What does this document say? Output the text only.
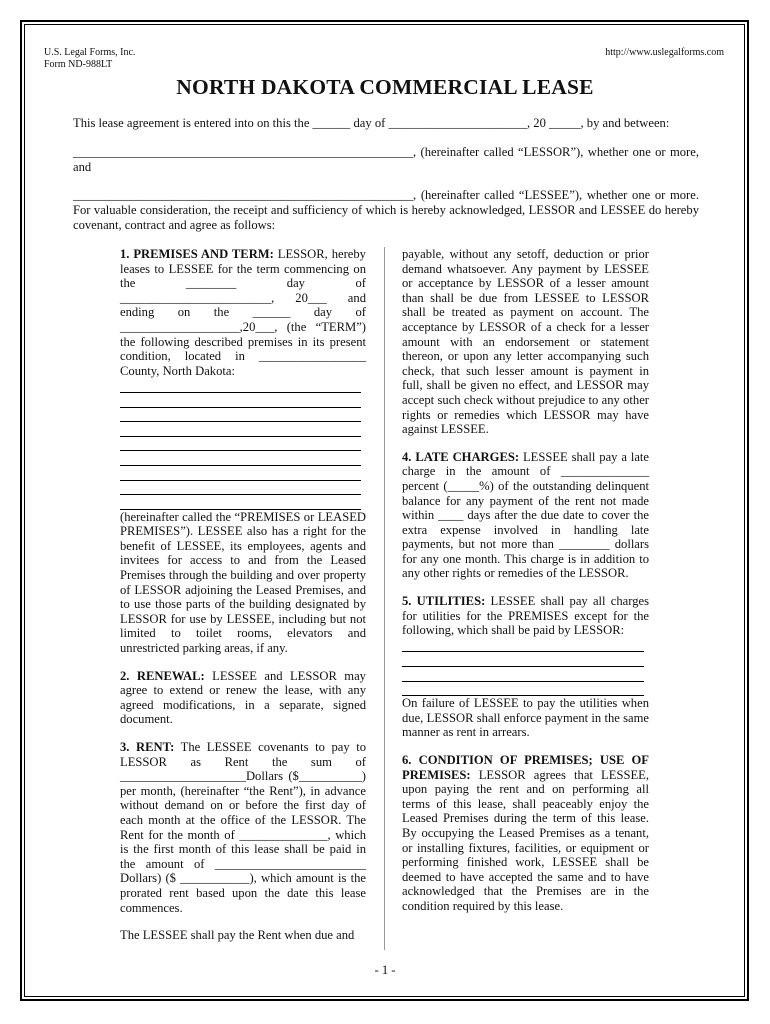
U.S. Legal Forms, Inc.
Form ND-988LT
http://www.uslegalforms.com
NORTH DAKOTA COMMERCIAL LEASE

This lease agreement is entered into on this the ______ day of ______________________, 20 _____, by and between:

______________________________________________________, (hereinafter called “LESSOR”), whether one or more, and

______________________________________________________, (hereinafter called “LESSEE”), whether one or more. For valuable consideration, the receipt and sufficiency of which is hereby acknowledged, LESSOR and LESSEE do hereby covenant, contract and agree as follows:

1. PREMISES AND TERM: LESSOR, hereby leases to LESSEE for the term commencing on the ________ day of ________________________, 20___ and ending on the ______ day of ___________________,20___, (the “TERM”) the following described premises in its present condition, located in _________________ County, North Dakota:

(hereinafter called the “PREMISES or LEASED PREMISES”). LESSEE also has a right for the benefit of LESSEE, its employees, agents and invitees for access to and from the Leased Premises through the building and over property of LESSOR adjoining the Leased Premises, and to use those parts of the building designated by LESSOR for use by LESSEE, including but not limited to toilet rooms, elevators and unrestricted parking areas, if any.

2. RENEWAL: LESSEE and LESSOR may agree to extend or renew the lease, with any agreed modifications, in a separate, signed document.

3. RENT: The LESSEE covenants to pay to LESSOR as Rent the sum of ____________________Dollars ($__________) per month, (hereinafter “the Rent”), in advance without demand on or before the first day of each month at the office of the LESSOR. The Rent for the month of ______________, which is the first month of this lease shall be paid in the amount of ________________________ Dollars) ($ ___________), which amount is the prorated rent based upon the date this lease commences.

The LESSEE shall pay the Rent when due and

payable, without any setoff, deduction or prior demand whatsoever. Any payment by LESSEE or acceptance by LESSOR of a lesser amount than shall be due from LESSEE to LESSOR shall be treated as payment on account. The acceptance by LESSOR of a check for a lesser amount with an endorsement or statement thereon, or upon any letter accompanying such check, that such lesser amount is payment in full, shall be given no effect, and LESSOR may accept such check without prejudice to any other rights or remedies which LESSOR may have against LESSEE.

4. LATE CHARGES: LESSEE shall pay a late charge in the amount of ______________ percent (_____%) of the outstanding delinquent balance for any payment of the rent not made within ____ days after the due date to cover the extra expense involved in handling late payments, but not more than ________ dollars for any one month. This charge is in addition to any other rights or remedies of the LESSOR.

5. UTILITIES: LESSEE shall pay all charges for utilities for the PREMISES except for the following, which shall be paid by LESSOR:

On failure of LESSEE to pay the utilities when due, LESSOR shall enforce payment in the same manner as rent in arrears.

6. CONDITION OF PREMISES; USE OF PREMISES: LESSOR agrees that LESSEE, upon paying the rent and on performing all terms of this lease, shall peaceably enjoy the Leased Premises during the term of this lease. By occupying the Leased Premises as a tenant, or installing fixtures, facilities, or equipment or performing finished work, LESSEE shall be deemed to have accepted the same and to have acknowledged that the Premises are in the condition required by this lease.

- 1 -
